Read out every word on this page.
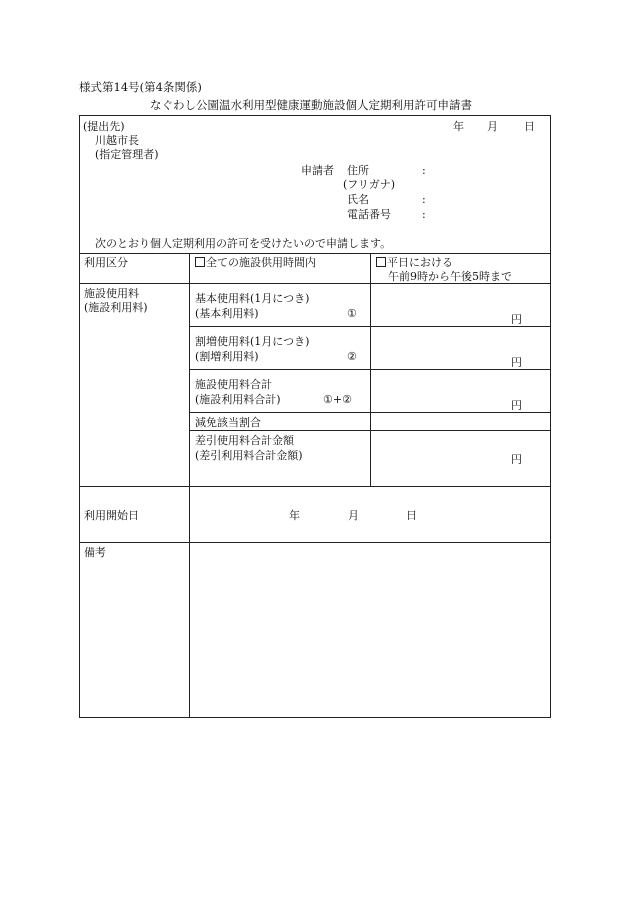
様式第14号(第4条関係)
なぐわし公園温水利用型健康運動施設個人定期利用許可申請書
年 月 日
(提出先)
川越市長
(指定管理者)
申請者 住所	:
(フリガナ)
氏名	:
電話番号	:
次のとおり個人定期利用の許可を受けたいので申請します。
利用区分	全ての施設供用時間内	平日における
午前9時から午後5時まで
施設使用料
(施設利用料)
基本使用料(1月につき)
(基本利用料)	①	円
割増使用料(1月につき)
(割増利用料)	②	円
施設使用料合計
(施設利用料合計)	①+②	円
減免該当割合
差引使用料合計金額
(差引利用料合計金額)	円
利用開始日	年	月	日
備考
